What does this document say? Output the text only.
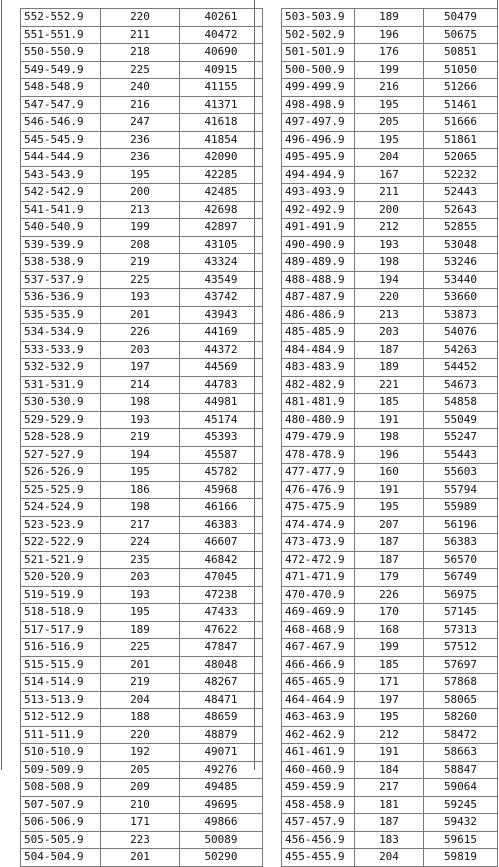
552-552.9	220	40261
551-551.9	211	40472
550-550.9	218	40690
549-549.9	225	40915
548-548.9	240	41155
547-547.9	216	41371
546-546.9	247	41618
545-545.9	236	41854
544-544.9	236	42090
543-543.9	195	42285
542-542.9	200	42485
541-541.9	213	42698
540-540.9	199	42897
539-539.9	208	43105
538-538.9	219	43324
537-537.9	225	43549
536-536.9	193	43742
535-535.9	201	43943
534-534.9	226	44169
533-533.9	203	44372
532-532.9	197	44569
531-531.9	214	44783
530-530.9	198	44981
529-529.9	193	45174
528-528.9	219	45393
527-527.9	194	45587
526-526.9	195	45782
525-525.9	186	45968
524-524.9	198	46166
523-523.9	217	46383
522-522.9	224	46607
521-521.9	235	46842
520-520.9	203	47045
519-519.9	193	47238
518-518.9	195	47433
517-517.9	189	47622
516-516.9	225	47847
515-515.9	201	48048
514-514.9	219	48267
513-513.9	204	48471
512-512.9	188	48659
511-511.9	220	48879
510-510.9	192	49071
509-509.9	205	49276
508-508.9	209	49485
507-507.9	210	49695
506-506.9	171	49866
505-505.9	223	50089
504-504.9	201	50290
503-503.9	189	50479
502-502.9	196	50675
501-501.9	176	50851
500-500.9	199	51050
499-499.9	216	51266
498-498.9	195	51461
497-497.9	205	51666
496-496.9	195	51861
495-495.9	204	52065
494-494.9	167	52232
493-493.9	211	52443
492-492.9	200	52643
491-491.9	212	52855
490-490.9	193	53048
489-489.9	198	53246
488-488.9	194	53440
487-487.9	220	53660
486-486.9	213	53873
485-485.9	203	54076
484-484.9	187	54263
483-483.9	189	54452
482-482.9	221	54673
481-481.9	185	54858
480-480.9	191	55049
479-479.9	198	55247
478-478.9	196	55443
477-477.9	160	55603
476-476.9	191	55794
475-475.9	195	55989
474-474.9	207	56196
473-473.9	187	56383
472-472.9	187	56570
471-471.9	179	56749
470-470.9	226	56975
469-469.9	170	57145
468-468.9	168	57313
467-467.9	199	57512
466-466.9	185	57697
465-465.9	171	57868
464-464.9	197	58065
463-463.9	195	58260
462-462.9	212	58472
461-461.9	191	58663
460-460.9	184	58847
459-459.9	217	59064
458-458.9	181	59245
457-457.9	187	59432
456-456.9	183	59615
455-455.9	204	59819
